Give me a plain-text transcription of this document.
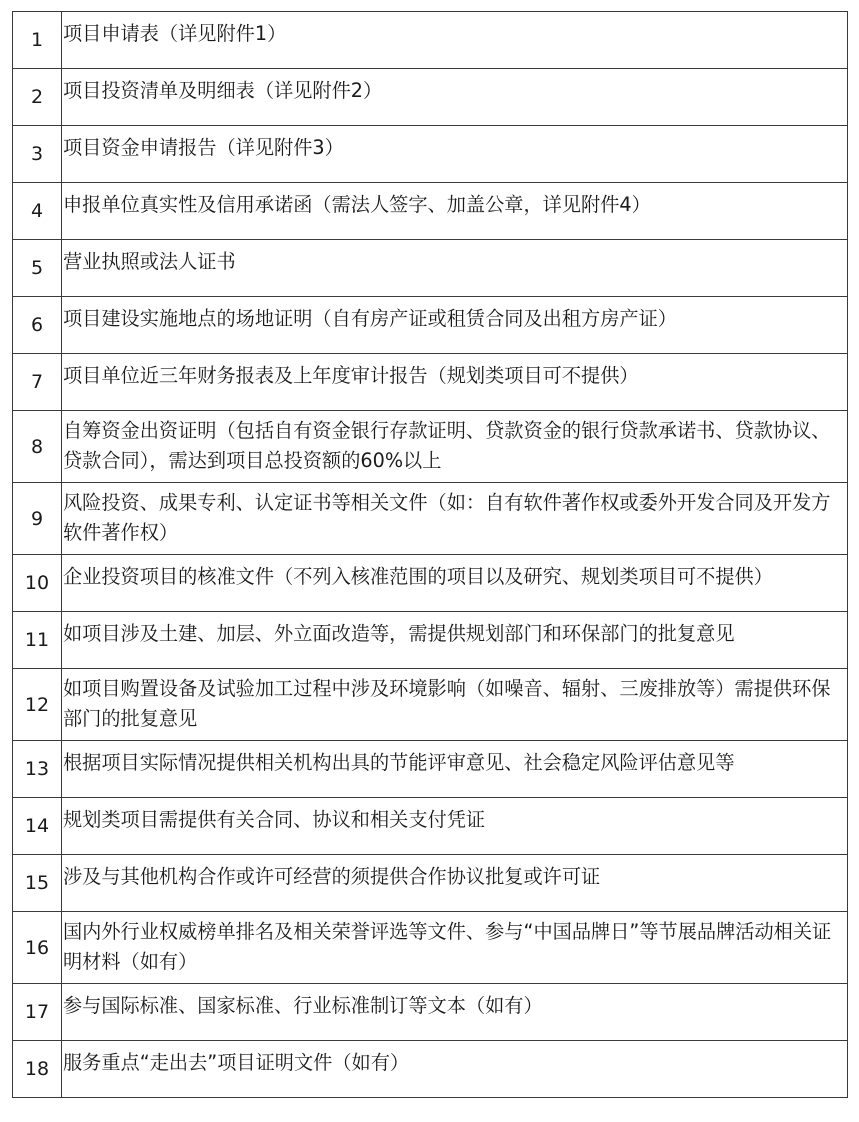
1	项目申请表（详见附件1）

2	项目投资清单及明细表（详见附件2）

3	项目资金申请报告（详见附件3）

4	申报单位真实性及信用承诺函（需法人签字、加盖公章，详见附件4）

5	营业执照或法人证书

6	项目建设实施地点的场地证明（自有房产证或租赁合同及出租方房产证）

7	项目单位近三年财务报表及上年度审计报告（规划类项目可不提供）

8	自筹资金出资证明（包括自有资金银行存款证明、贷款资金的银行贷款承诺书、贷款协议、贷款合同），需达到项目总投资额的60%以上

9	风险投资、成果专利、认定证书等相关文件（如：自有软件著作权或委外开发合同及开发方软件著作权）

10	企业投资项目的核准文件（不列入核准范围的项目以及研究、规划类项目可不提供）

11	如项目涉及土建、加层、外立面改造等，需提供规划部门和环保部门的批复意见

12	如项目购置设备及试验加工过程中涉及环境影响（如噪音、辐射、三废排放等）需提供环保部门的批复意见

13	根据项目实际情况提供相关机构出具的节能评审意见、社会稳定风险评估意见等

14	规划类项目需提供有关合同、协议和相关支付凭证

15	涉及与其他机构合作或许可经营的须提供合作协议批复或许可证

16	国内外行业权威榜单排名及相关荣誉评选等文件、参与“中国品牌日”等节展品牌活动相关证明材料（如有）

17	参与国际标准、国家标准、行业标准制订等文本（如有）

18	服务重点“走出去”项目证明文件（如有）
